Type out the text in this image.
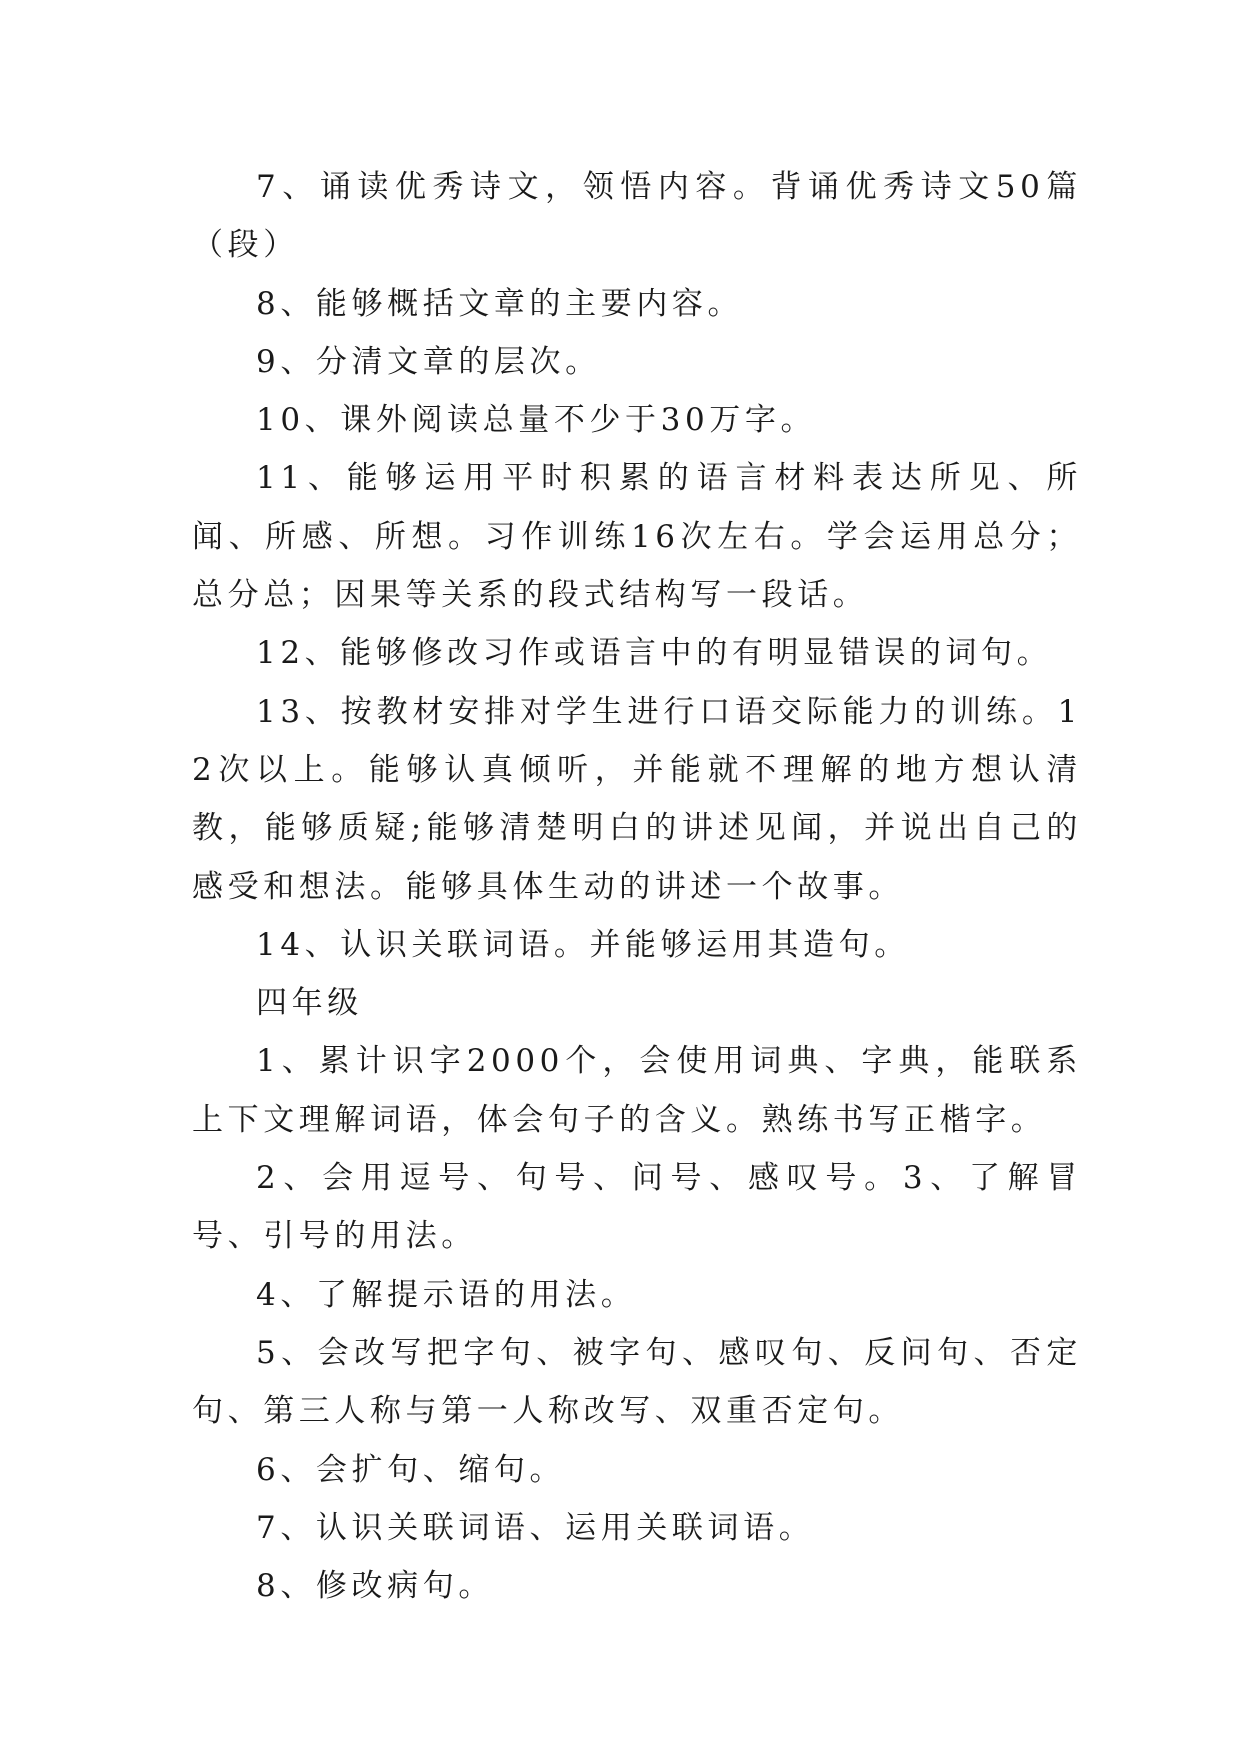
7、诵读优秀诗文，领悟内容。背诵优秀诗文50篇（段）

8、能够概括文章的主要内容。

9、分清文章的层次。

10、课外阅读总量不少于30万字。

11、能够运用平时积累的语言材料表达所见、所闻、所感、所想。习作训练16次左右。学会运用总分；总分总；因果等关系的段式结构写一段话。

12、能够修改习作或语言中的有明显错误的词句。

13、按教材安排对学生进行口语交际能力的训练。12次以上。能够认真倾听，并能就不理解的地方想认清教，能够质疑;能够清楚明白的讲述见闻，并说出自己的感受和想法。能够具体生动的讲述一个故事。

14、认识关联词语。并能够运用其造句。

四年级

1、累计识字2000个，会使用词典、字典，能联系上下文理解词语，体会句子的含义。熟练书写正楷字。

2、会用逗号、句号、问号、感叹号。3、了解冒号、引号的用法。

4、了解提示语的用法。

5、会改写把字句、被字句、感叹句、反问句、否定句、第三人称与第一人称改写、双重否定句。

6、会扩句、缩句。

7、认识关联词语、运用关联词语。

8、修改病句。
